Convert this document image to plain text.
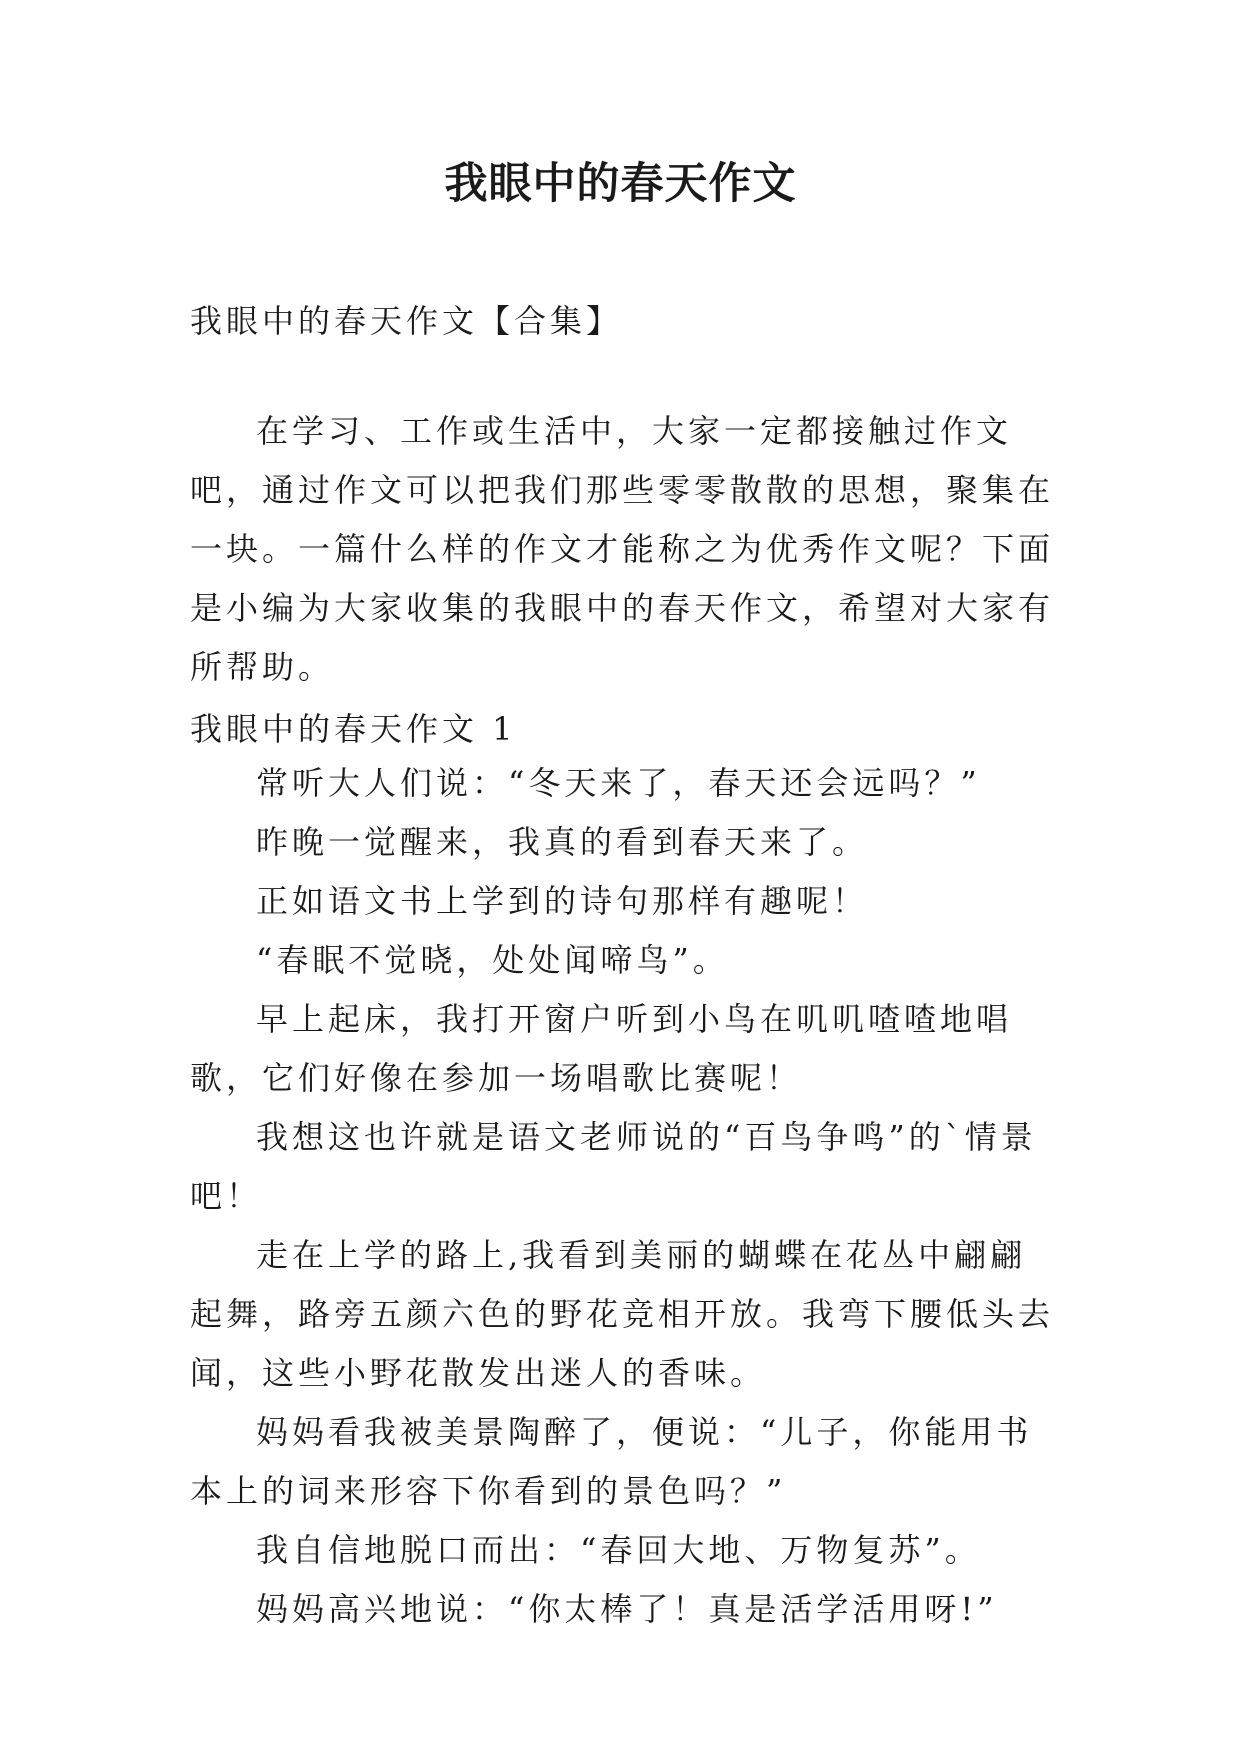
我眼中的春天作文
我眼中的春天作文【合集】

在学习、工作或生活中，大家一定都接触过作文吧，通过作文可以把我们那些零零散散的思想，聚集在一块。一篇什么样的作文才能称之为优秀作文呢？下面是小编为大家收集的我眼中的春天作文，希望对大家有所帮助。

我眼中的春天作文 1

常听大人们说：“冬天来了，春天还会远吗？”

昨晚一觉醒来，我真的看到春天来了。

正如语文书上学到的诗句那样有趣呢！

“春眠不觉晓，处处闻啼鸟”。

早上起床，我打开窗户听到小鸟在叽叽喳喳地唱歌，它们好像在参加一场唱歌比赛呢！

我想这也许就是语文老师说的“百鸟争鸣”的`情景吧！

走在上学的路上,我看到美丽的蝴蝶在花丛中翩翩起舞，路旁五颜六色的野花竞相开放。我弯下腰低头去闻，这些小野花散发出迷人的香味。

妈妈看我被美景陶醉了，便说：“儿子，你能用书本上的词来形容下你看到的景色吗？”

我自信地脱口而出：“春回大地、万物复苏”。

妈妈高兴地说：“你太棒了！真是活学活用呀!”
